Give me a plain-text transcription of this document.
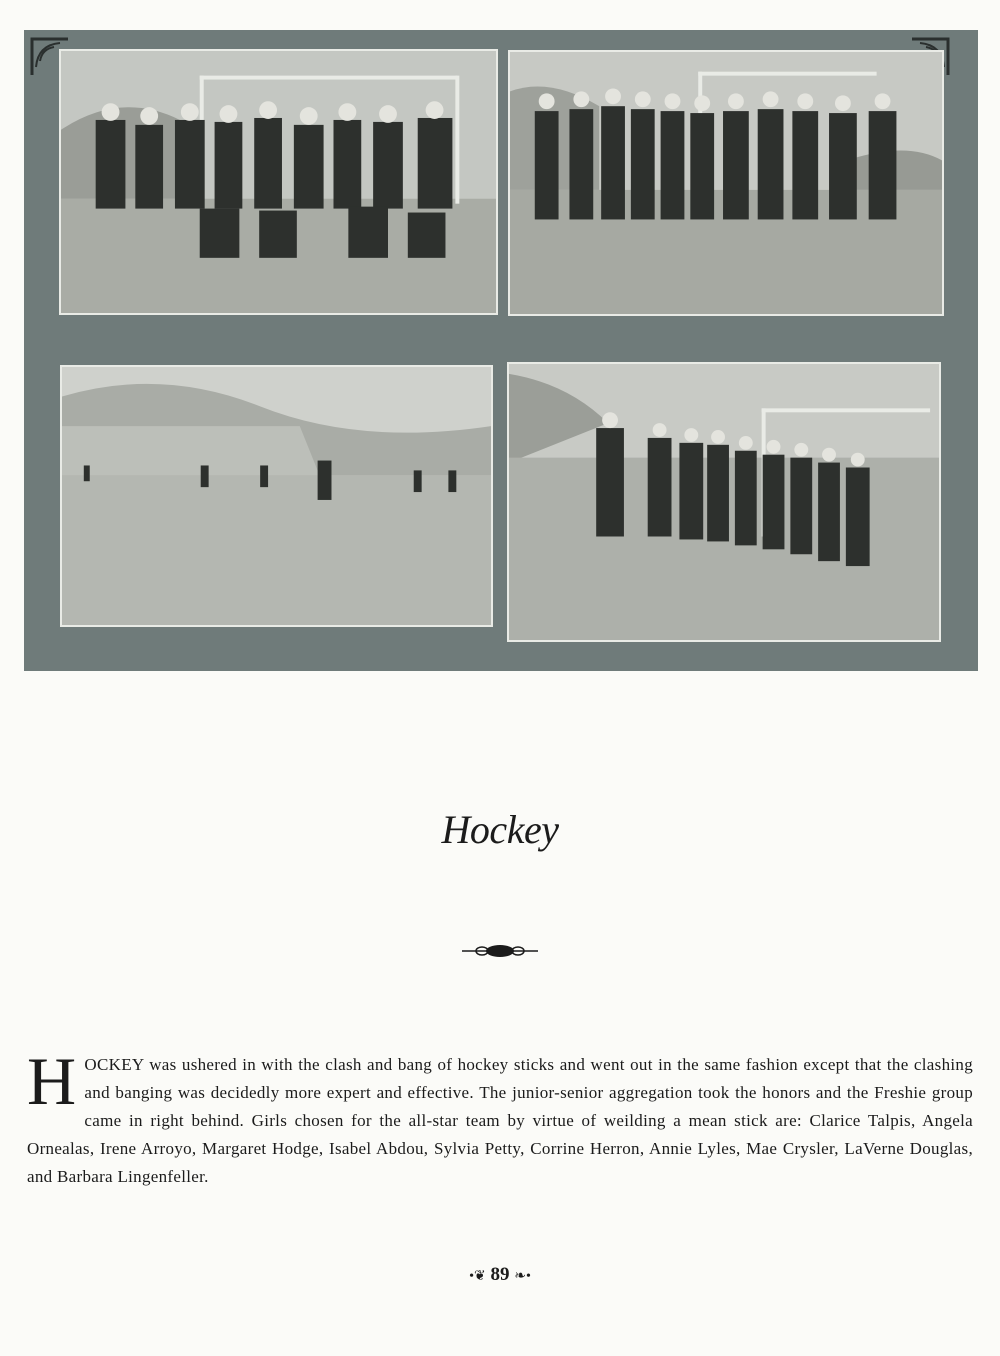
Hockey
HOCKEY was ushered in with the clash and bang of hockey sticks and went out in the same fashion except that the clashing and banging was decidedly more expert and effective. The junior-senior aggregation took the honors and the Freshie group came in right behind. Girls chosen for the all-star team by virtue of weilding a mean stick are: Clarice Talpis, Angela Ornealas, Irene Arroyo, Margaret Hodge, Isabel Abdou, Sylvia Petty, Corrine Herron, Annie Lyles, Mae Crysler, LaVerne Douglas, and Barbara Lingenfeller.
•❦ 89 ❧•
